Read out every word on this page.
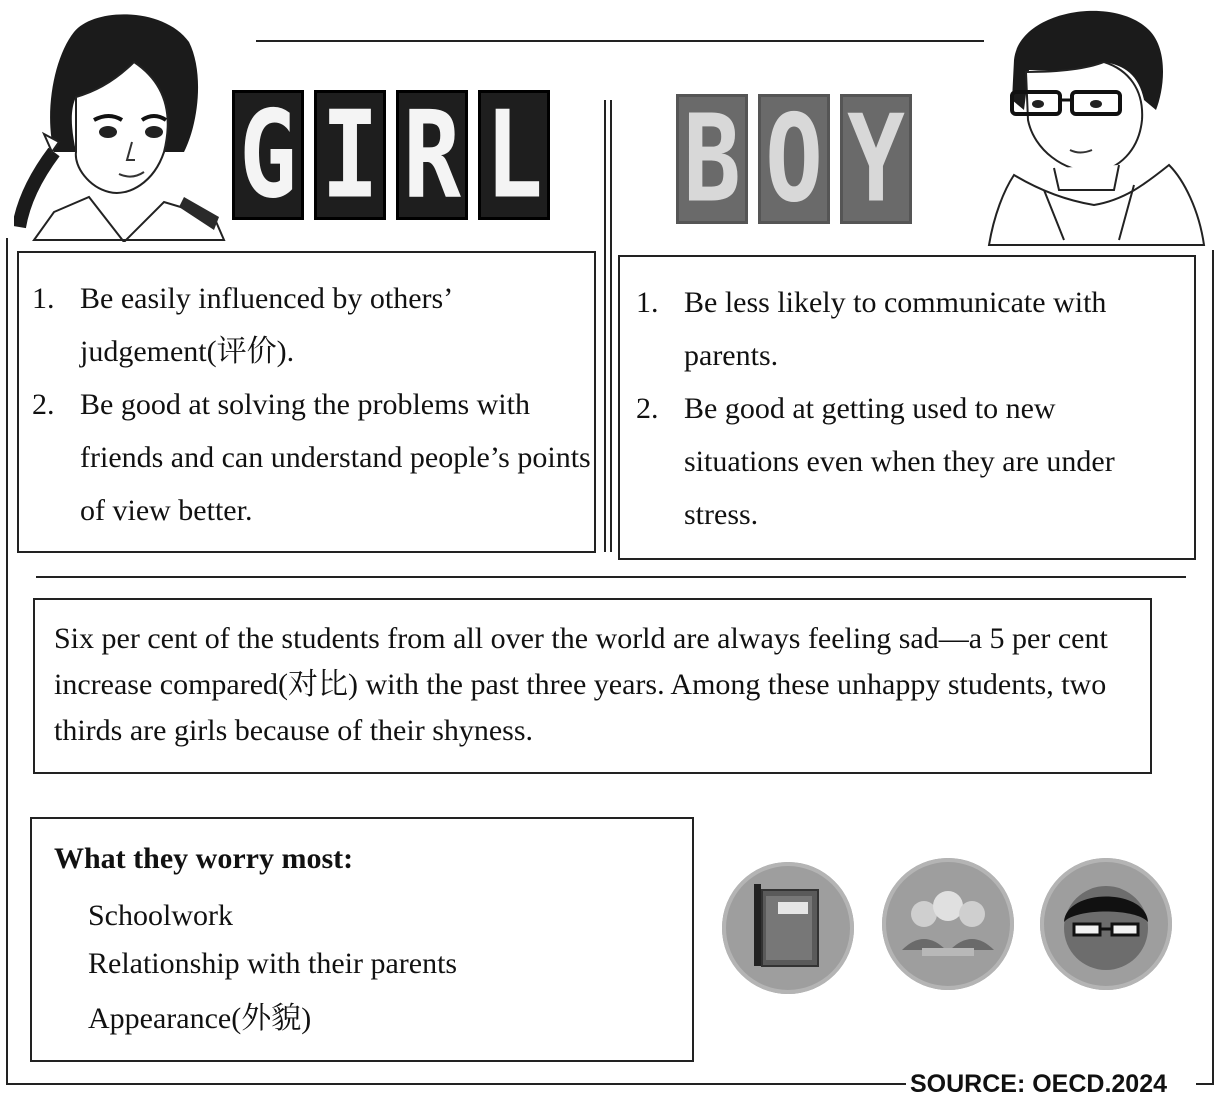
G I R L B O Y
1. Be easily influenced by others’ judgement(评价).
2. Be good at solving the problems with friends and can understand people’s points of view better.
1. Be less likely to communicate with parents.
2. Be good at getting used to new situations even when they are under stress.
Six per cent of the students from all over the world are always feeling sad—a 5 per cent increase compared(对比) with the past three years. Among these unhappy students, two thirds are girls because of their shyness.
What they worry most:
Schoolwork
Relationship with their parents
Appearance(外貌)
SOURCE: OECD.2024
